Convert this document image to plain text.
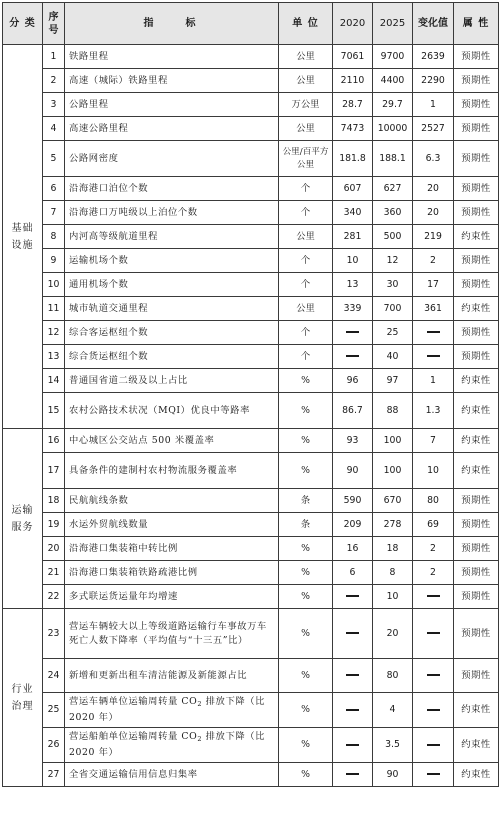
分 类	序号	指　　标	单 位	2020	2025	变化值	属 性
基础设施	1	铁路里程	公里	7061	9700	2639	预期性
	2	高速（城际）铁路里程	公里	2110	4400	2290	预期性
	3	公路里程	万公里	28.7	29.7	1	预期性
	4	高速公路里程	公里	7473	10000	2527	预期性
	5	公路网密度	公里/百平方公里	181.8	188.1	6.3	预期性
	6	沿海港口泊位个数	个	607	627	20	预期性
	7	沿海港口万吨级以上泊位个数	个	340	360	20	预期性
	8	内河高等级航道里程	公里	281	500	219	约束性
	9	运输机场个数	个	10	12	2	预期性
	10	通用机场个数	个	13	30	17	预期性
	11	城市轨道交通里程	公里	339	700	361	约束性
	12	综合客运枢纽个数	个		25		预期性
	13	综合货运枢纽个数	个		40		预期性
	14	普通国省道二级及以上占比	%	96	97	1	约束性
	15	农村公路技术状况（MQI）优良中等路率	%	86.7	88	1.3	约束性
运输服务	16	中心城区公交站点 500 米覆盖率	%	93	100	7	约束性
	17	具备条件的建制村农村物流服务覆盖率	%	90	100	10	约束性
	18	民航航线条数	条	590	670	80	预期性
	19	水运外贸航线数量	条	209	278	69	预期性
	20	沿海港口集装箱中转比例	%	16	18	2	预期性
	21	沿海港口集装箱铁路疏港比例	%	6	8	2	预期性
	22	多式联运货运量年均增速	%		10		预期性
行业治理	23	营运车辆较大以上等级道路运输行车事故万车死亡人数下降率（平均值与“十三五”比）	%		20		预期性
	24	新增和更新出租车清洁能源及新能源占比	%		80		预期性
	25	营运车辆单位运输周转量 $CO_2$ 排放下降（比 2020 年）	%		4		约束性
	26	营运船舶单位运输周转量 $CO_2$ 排放下降（比 2020 年）	%		3.5		约束性
	27	全省交通运输信用信息归集率	%		90		约束性
